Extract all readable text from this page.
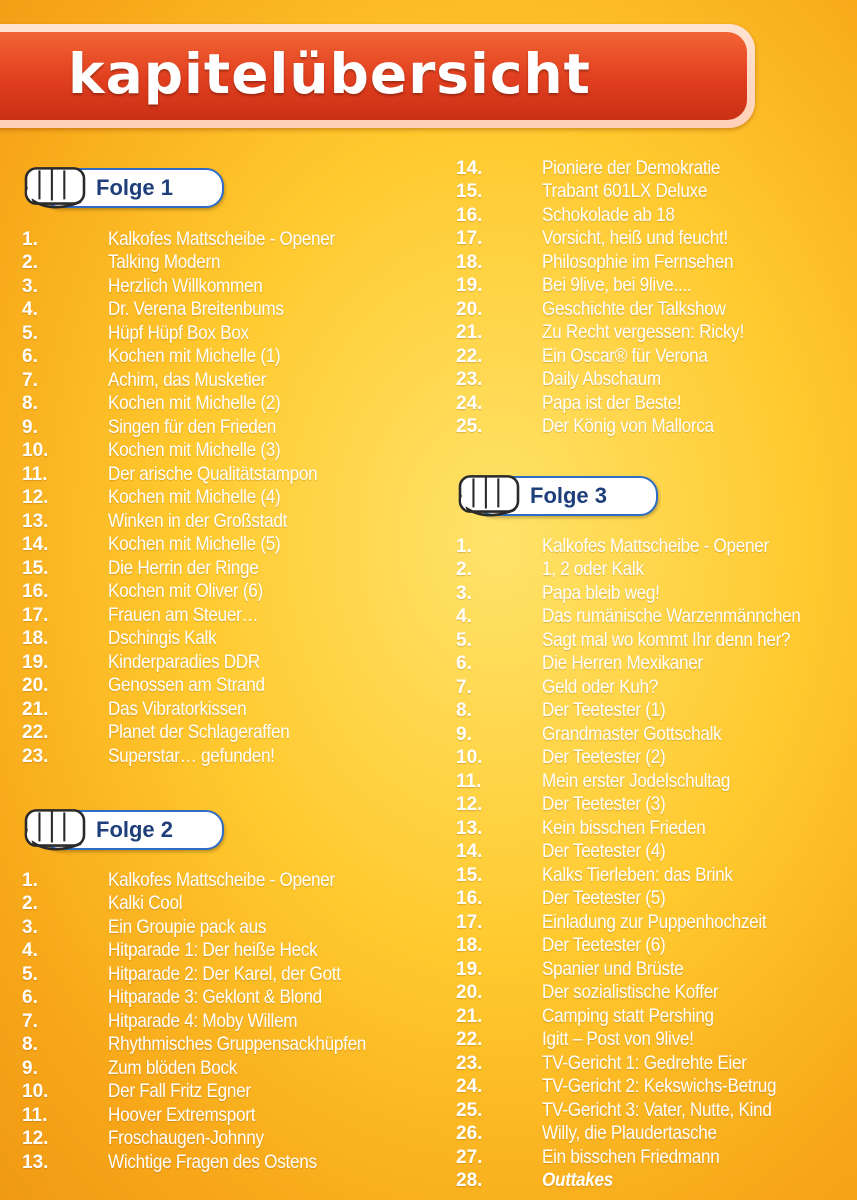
kapitelübersicht
Folge 1
1.	Kalkofes Mattscheibe - Opener
2.	Talking Modern
3.	Herzlich Willkommen
4.	Dr. Verena Breitenbums
5.	Hüpf Hüpf Box Box
6.	Kochen mit Michelle (1)
7.	Achim, das Musketier
8.	Kochen mit Michelle (2)
9.	Singen für den Frieden
10.	Kochen mit Michelle (3)
11.	Der arische Qualitätstampon
12.	Kochen mit Michelle (4)
13.	Winken in der Großstadt
14.	Kochen mit Michelle (5)
15.	Die Herrin der Ringe
16.	Kochen mit Oliver (6)
17.	Frauen am Steuer…
18.	Dschingis Kalk
19.	Kinderparadies DDR
20.	Genossen am Strand
21.	Das Vibratorkissen
22.	Planet der Schlageraffen
23.	Superstar… gefunden!
Folge 2
1.	Kalkofes Mattscheibe - Opener
2.	Kalki Cool
3.	Ein Groupie pack aus
4.	Hitparade 1: Der heiße Heck
5.	Hitparade 2: Der Karel, der Gott
6.	Hitparade 3: Geklont & Blond
7.	Hitparade 4: Moby Willem
8.	Rhythmisches Gruppensackhüpfen
9.	Zum blöden Bock
10.	Der Fall Fritz Egner
11.	Hoover Extremsport
12.	Froschaugen-Johnny
13.	Wichtige Fragen des Ostens
14.	Pioniere der Demokratie
15.	Trabant 601LX Deluxe
16.	Schokolade ab 18
17.	Vorsicht, heiß und feucht!
18.	Philosophie im Fernsehen
19.	Bei 9live, bei 9live....
20.	Geschichte der Talkshow
21.	Zu Recht vergessen: Ricky!
22.	Ein Oscar® für Verona
23.	Daily Abschaum
24.	Papa ist der Beste!
25.	Der König von Mallorca
Folge 3
1.	Kalkofes Mattscheibe - Opener
2.	1, 2 oder Kalk
3.	Papa bleib weg!
4.	Das rumänische Warzenmännchen
5.	Sagt mal wo kommt Ihr denn her?
6.	Die Herren Mexikaner
7.	Geld oder Kuh?
8.	Der Teetester (1)
9.	Grandmaster Gottschalk
10.	Der Teetester (2)
11.	Mein erster Jodelschultag
12.	Der Teetester (3)
13.	Kein bisschen Frieden
14.	Der Teetester (4)
15.	Kalks Tierleben: das Brink
16.	Der Teetester (5)
17.	Einladung zur Puppenhochzeit
18.	Der Teetester (6)
19.	Spanier und Brüste
20.	Der sozialistische Koffer
21.	Camping statt Pershing
22.	Igitt – Post von 9live!
23.	TV-Gericht 1: Gedrehte Eier
24.	TV-Gericht 2: Kekswichs-Betrug
25.	TV-Gericht 3: Vater, Nutte, Kind
26.	Willy, die Plaudertasche
27.	Ein bisschen Friedmann
28.	Outtakes
